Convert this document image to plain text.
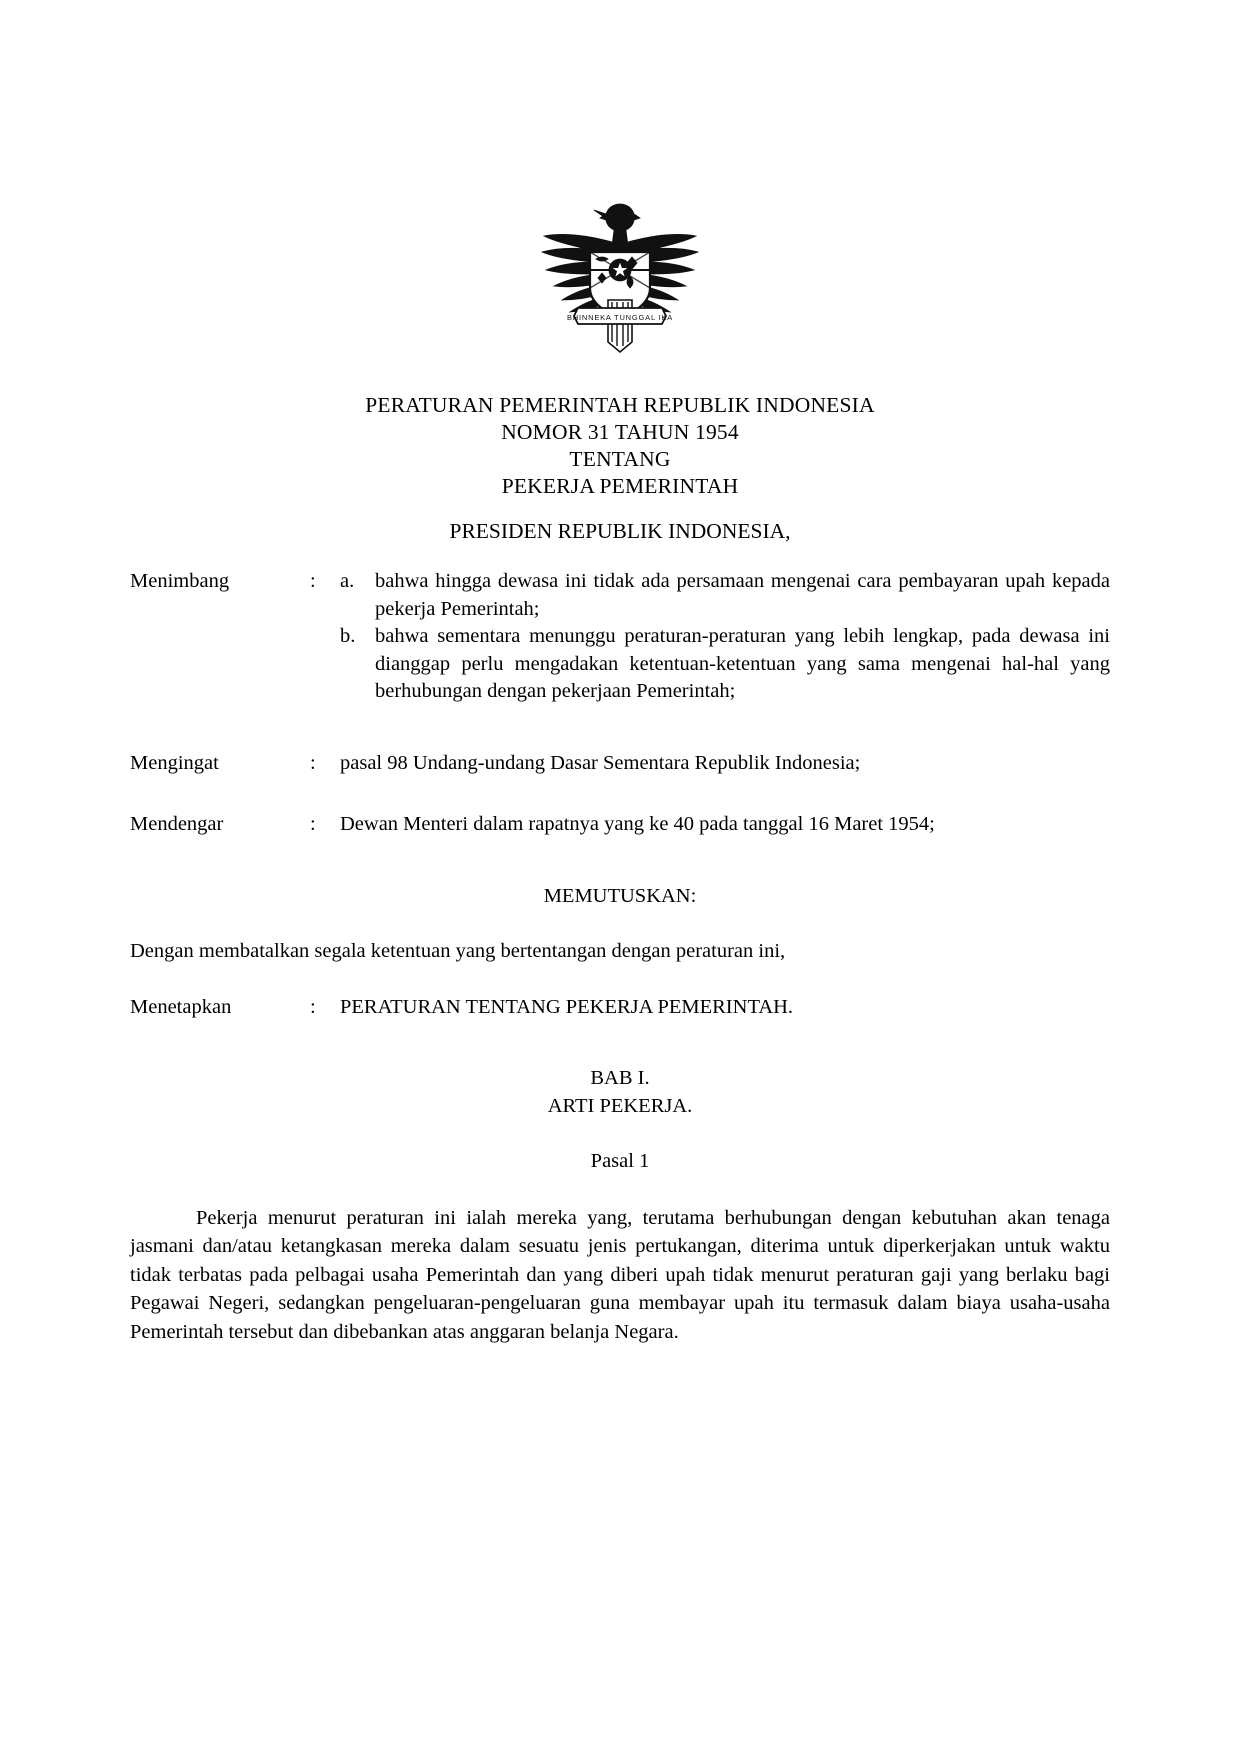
BHINNEKA TUNGGAL IKA
PERATURAN PEMERINTAH REPUBLIK INDONESIA
NOMOR 31 TAHUN 1954
TENTANG
PEKERJA PEMERINTAH
PRESIDEN REPUBLIK INDONESIA,
Menimbang	:	a.	bahwa hingga dewasa ini tidak ada persamaan mengenai cara pembayaran upah kepada pekerja Pemerintah;
b. bahwa sementara menunggu peraturan-peraturan yang lebih lengkap, pada dewasa ini dianggap perlu mengadakan ketentuan-ketentuan yang sama mengenai hal-hal yang berhubungan dengan pekerjaan Pemerintah;
Mengingat	:	pasal 98 Undang-undang Dasar Sementara Republik Indonesia;
Mendengar	:	Dewan Menteri dalam rapatnya yang ke 40 pada tanggal 16 Maret 1954;
MEMUTUSKAN:
Dengan membatalkan segala ketentuan yang bertentangan dengan peraturan ini,
Menetapkan	:	PERATURAN TENTANG PEKERJA PEMERINTAH.
BAB I.
ARTI PEKERJA.
Pasal 1
Pekerja menurut peraturan ini ialah mereka yang, terutama berhubungan dengan kebutuhan akan tenaga jasmani dan/atau ketangkasan mereka dalam sesuatu jenis pertukangan, diterima untuk diperkerjakan untuk waktu tidak terbatas pada pelbagai usaha Pemerintah dan yang diberi upah tidak menurut peraturan gaji yang berlaku bagi Pegawai Negeri, sedangkan pengeluaran-pengeluaran guna membayar upah itu termasuk dalam biaya usaha-usaha Pemerintah tersebut dan dibebankan atas anggaran belanja Negara.
